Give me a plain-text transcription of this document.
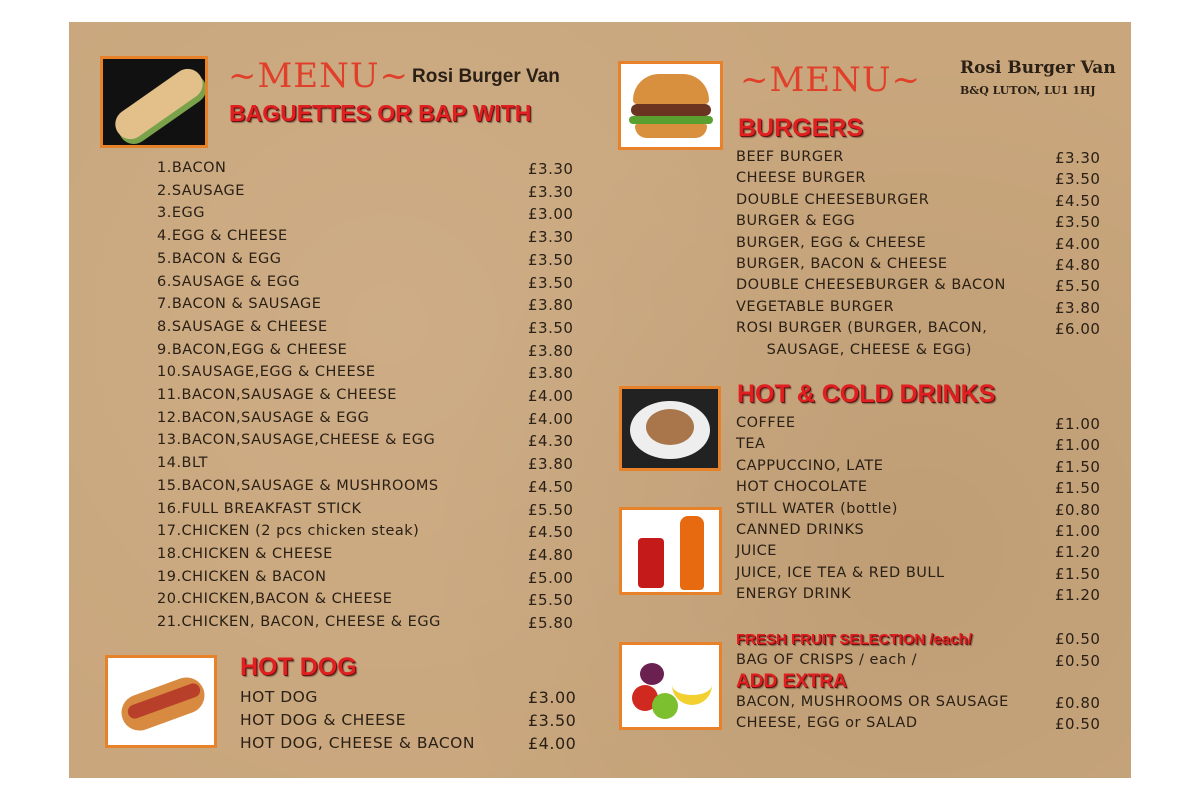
~MENU~ Rosi Burger Van
BAGUETTES OR BAP WITH
1.BACON	£3.30
2.SAUSAGE	£3.30
3.EGG	£3.00
4.EGG & CHEESE	£3.30
5.BACON & EGG	£3.50
6.SAUSAGE & EGG	£3.50
7.BACON & SAUSAGE	£3.80
8.SAUSAGE & CHEESE	£3.50
9.BACON,EGG & CHEESE	£3.80
10.SAUSAGE,EGG & CHEESE	£3.80
11.BACON,SAUSAGE & CHEESE	£4.00
12.BACON,SAUSAGE & EGG	£4.00
13.BACON,SAUSAGE,CHEESE & EGG	£4.30
14.BLT	£3.80
15.BACON,SAUSAGE & MUSHROOMS	£4.50
16.FULL BREAKFAST STICK	£5.50
17.CHICKEN (2 pcs chicken steak)	£4.50
18.CHICKEN & CHEESE	£4.80
19.CHICKEN & BACON	£5.00
20.CHICKEN,BACON & CHEESE	£5.50
21.CHICKEN, BACON, CHEESE & EGG	£5.80
HOT DOG
HOT DOG	£3.00
HOT DOG & CHEESE	£3.50
HOT DOG, CHEESE & BACON	£4.00
~MENU~ Rosi Burger Van
B&Q LUTON, LU1 1HJ
BURGERS
BEEF BURGER	£3.30
CHEESE BURGER	£3.50
DOUBLE CHEESEBURGER	£4.50
BURGER & EGG	£3.50
BURGER, EGG & CHEESE	£4.00
BURGER, BACON & CHEESE	£4.80
DOUBLE CHEESEBURGER & BACON	£5.50
VEGETABLE BURGER	£3.80
ROSI BURGER (BURGER, BACON,	£6.00
SAUSAGE, CHEESE & EGG)
HOT & COLD DRINKS
COFFEE	£1.00
TEA	£1.00
CAPPUCCINO, LATE	£1.50
HOT CHOCOLATE	£1.50
STILL WATER (bottle)	£0.80
CANNED DRINKS	£1.00
JUICE	£1.20
JUICE, ICE TEA & RED BULL	£1.50
ENERGY DRINK	£1.20
FRESH FRUIT SELECTION /each/	£0.50
BAG OF CRISPS / each /	£0.50
ADD EXTRA
BACON, MUSHROOMS OR SAUSAGE	£0.80
CHEESE, EGG or SALAD	£0.50
